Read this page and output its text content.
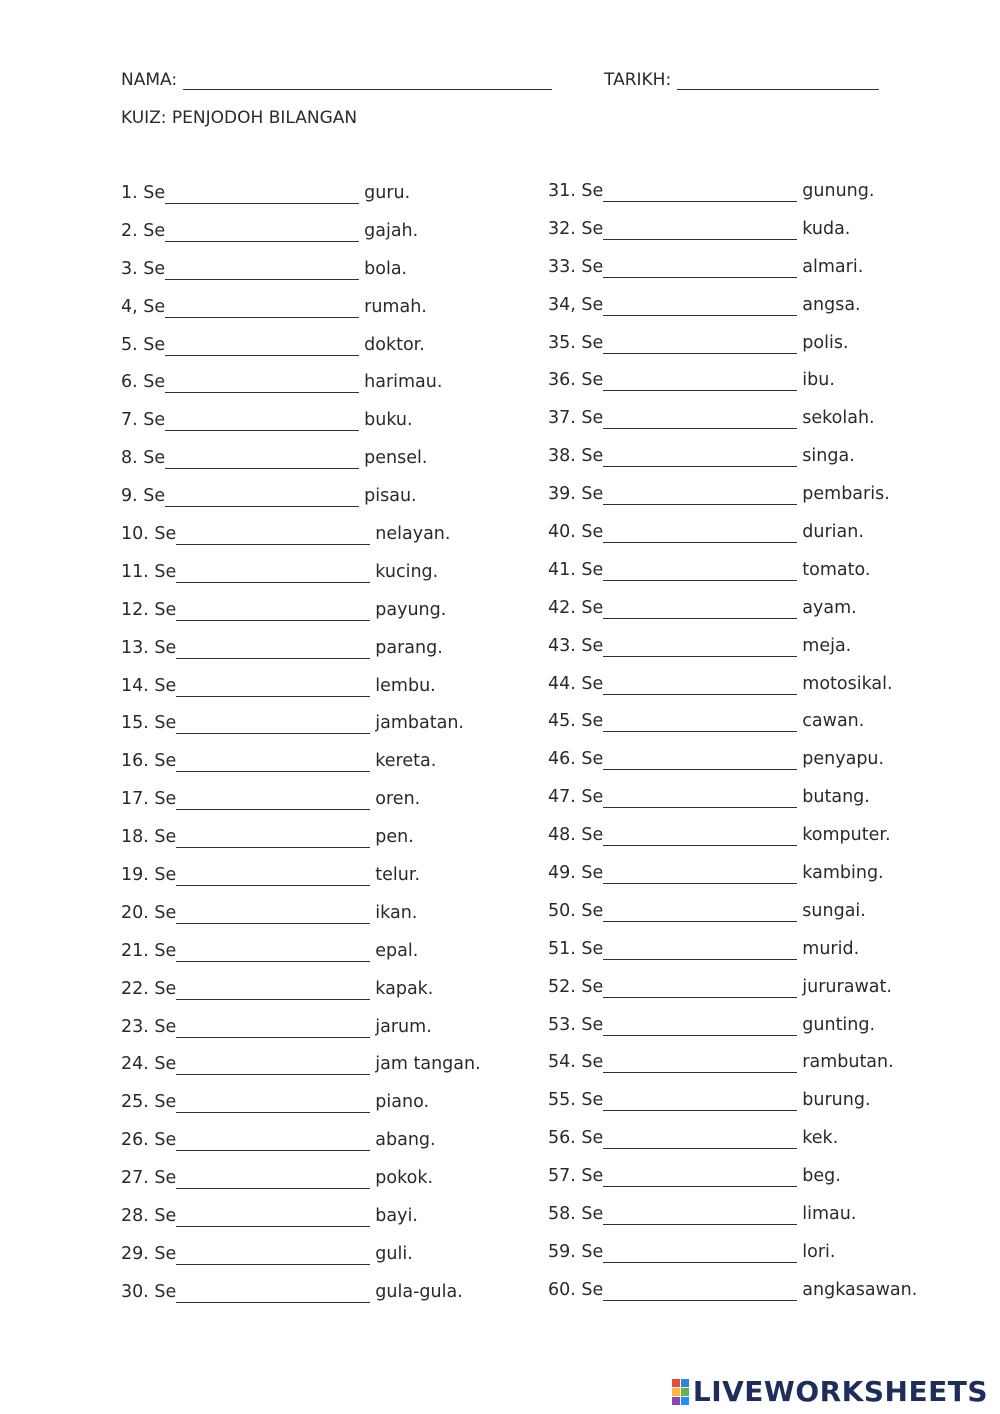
NAMA:	TARIKH:
KUIZ: PENJODOH BILANGAN
1. Se	guru.
2. Se	gajah.
3. Se	bola.
4, Se	rumah.
5. Se	doktor.
6. Se	harimau.
7. Se	buku.
8. Se	pensel.
9. Se	pisau.
10. Se	nelayan.
11. Se	kucing.
12. Se	payung.
13. Se	parang.
14. Se	lembu.
15. Se	jambatan.
16. Se	kereta.
17. Se	oren.
18. Se	pen.
19. Se	telur.
20. Se	ikan.
21. Se	epal.
22. Se	kapak.
23. Se	jarum.
24. Se	jam tangan.
25. Se	piano.
26. Se	abang.
27. Se	pokok.
28. Se	bayi.
29. Se	guli.
30. Se	gula-gula.
31. Se	gunung.
32. Se	kuda.
33. Se	almari.
34, Se	angsa.
35. Se	polis.
36. Se	ibu.
37. Se	sekolah.
38. Se	singa.
39. Se	pembaris.
40. Se	durian.
41. Se	tomato.
42. Se	ayam.
43. Se	meja.
44. Se	motosikal.
45. Se	cawan.
46. Se	penyapu.
47. Se	butang.
48. Se	komputer.
49. Se	kambing.
50. Se	sungai.
51. Se	murid.
52. Se	jururawat.
53. Se	gunting.
54. Se	rambutan.
55. Se	burung.
56. Se	kek.
57. Se	beg.
58. Se	limau.
59. Se	lori.
60. Se	angkasawan.
LIVEWORKSHEETS
